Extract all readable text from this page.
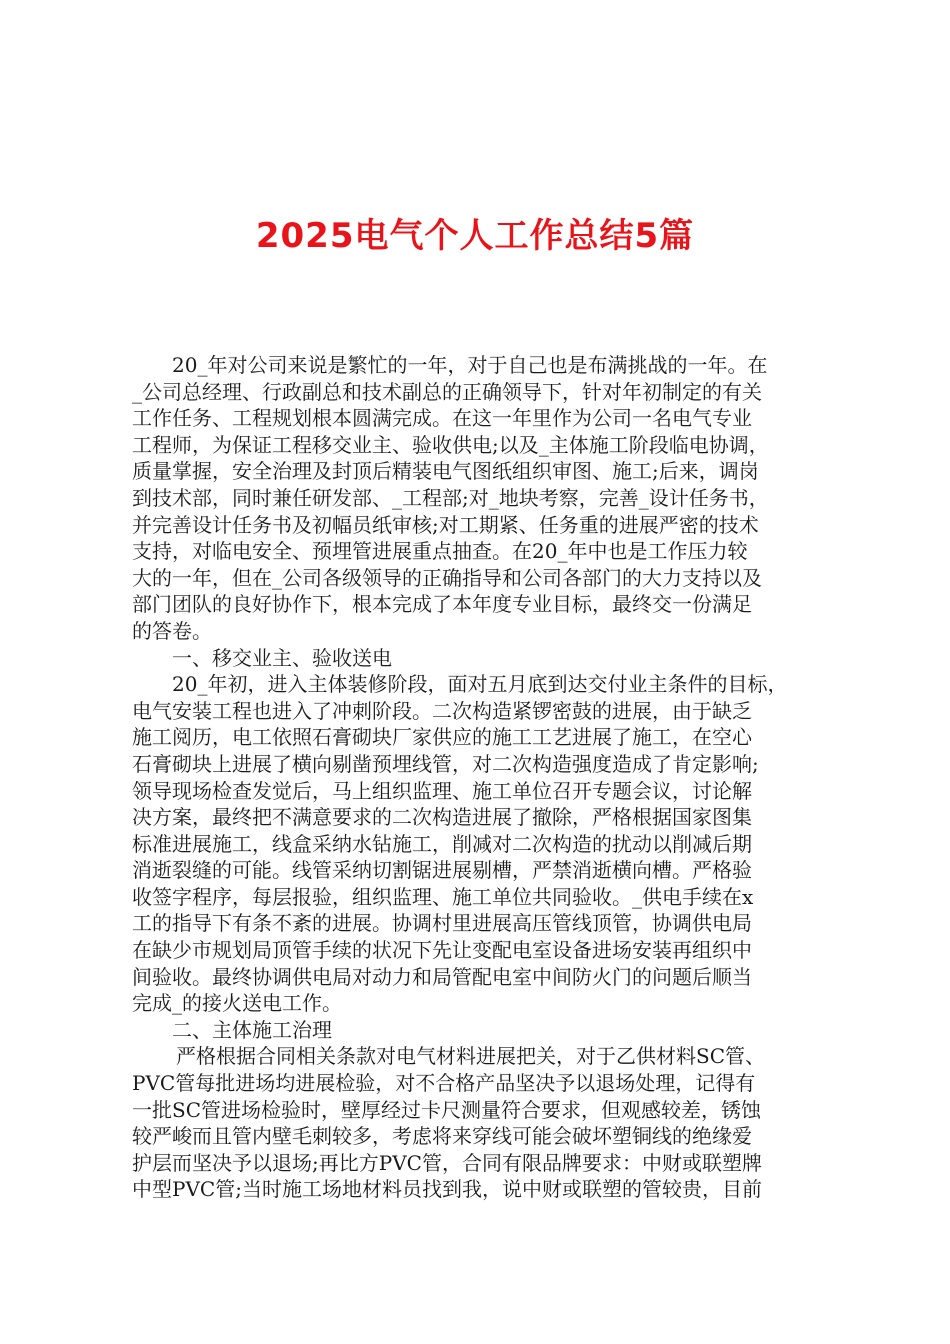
2025电气个人工作总结5篇
20_年对公司来说是繁忙的一年，对于自己也是布满挑战的一年。在
_公司总经理、行政副总和技术副总的正确领导下，针对年初制定的有关
工作任务、工程规划根本圆满完成。在这一年里作为公司一名电气专业
工程师，为保证工程移交业主、验收供电;以及_主体施工阶段临电协调，
质量掌握，安全治理及封顶后精装电气图纸组织审图、施工;后来，调岗
到技术部，同时兼任研发部、_工程部;对_地块考察，完善_设计任务书，
并完善设计任务书及初幅员纸审核;对工期紧、任务重的进展严密的技术
支持，对临电安全、预埋管进展重点抽查。在20_年中也是工作压力较
大的一年，但在_公司各级领导的正确指导和公司各部门的大力支持以及
部门团队的良好协作下，根本完成了本年度专业目标，最终交一份满足
的答卷。
一、移交业主、验收送电
20_年初，进入主体装修阶段，面对五月底到达交付业主条件的目标，
电气安装工程也进入了冲刺阶段。二次构造紧锣密鼓的进展，由于缺乏
施工阅历，电工依照石膏砌块厂家供应的施工工艺进展了施工，在空心
石膏砌块上进展了横向剔凿预埋线管，对二次构造强度造成了肯定影响;
领导现场检查发觉后，马上组织监理、施工单位召开专题会议，讨论解
决方案，最终把不满意要求的二次构造进展了撤除，严格根据国家图集
标准进展施工，线盒采纳水钻施工，削减对二次构造的扰动以削减后期
消逝裂缝的可能。线管采纳切割锯进展剔槽，严禁消逝横向槽。严格验
收签字程序，每层报验，组织监理、施工单位共同验收。_供电手续在x
工的指导下有条不紊的进展。协调村里进展高压管线顶管，协调供电局
在缺少市规划局顶管手续的状况下先让变配电室设备进场安装再组织中
间验收。最终协调供电局对动力和局管配电室中间防火门的问题后顺当
完成_的接火送电工作。
二、主体施工治理
严格根据合同相关条款对电气材料进展把关，对于乙供材料SC管、
PVC管每批进场均进展检验，对不合格产品坚决予以退场处理，记得有
一批SC管进场检验时，壁厚经过卡尺测量符合要求，但观感较差，锈蚀
较严峻而且管内壁毛刺较多，考虑将来穿线可能会破坏塑铜线的绝缘爱
护层而坚决予以退场;再比方PVC管，合同有限品牌要求：中财或联塑牌
中型PVC管;当时施工场地材料员找到我，说中财或联塑的管较贵，目前
